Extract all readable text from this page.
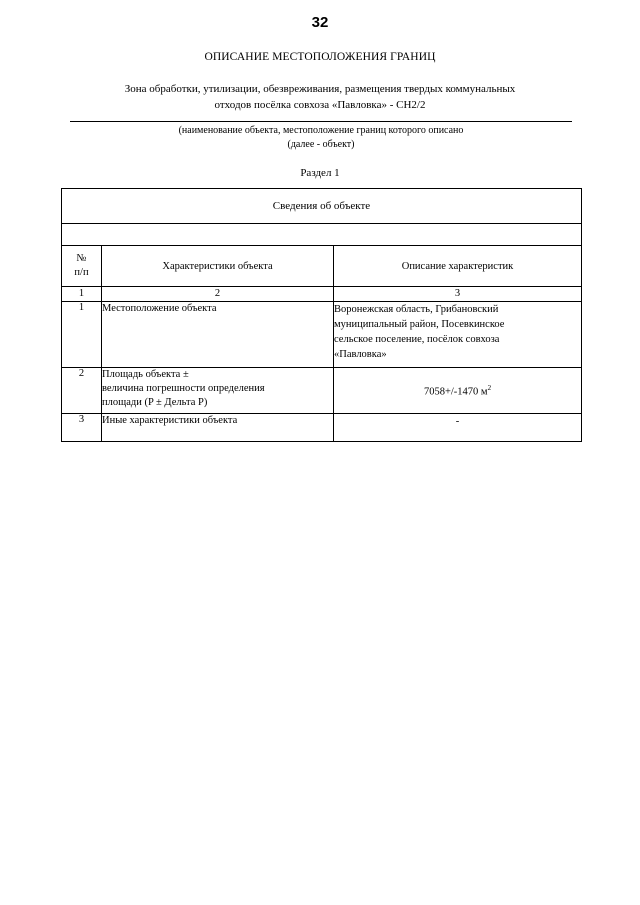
32
ОПИСАНИЕ МЕСТОПОЛОЖЕНИЯ ГРАНИЦ
Зона обработки, утилизации, обезвреживания, размещения твердых коммунальных
отходов посёлка совхоза «Павловка» - СН2/2
(наименование объекта, местоположение границ которого описано
(далее - объект)
Раздел 1
Сведения об объекте		

№
п/п	Характеристики объекта	Описание характеристик
1	2	3
1	Местоположение объекта	Воронежская область, Грибановский
муниципальный район, Посевкинское
сельское поселение, посёлок совхоза
«Павловка»

2	Площадь объекта ±
величина погрешности определения
площади (P ± Дельта P)	7058+/-1470 $м^2$
3	Иные характеристики объекта	-
